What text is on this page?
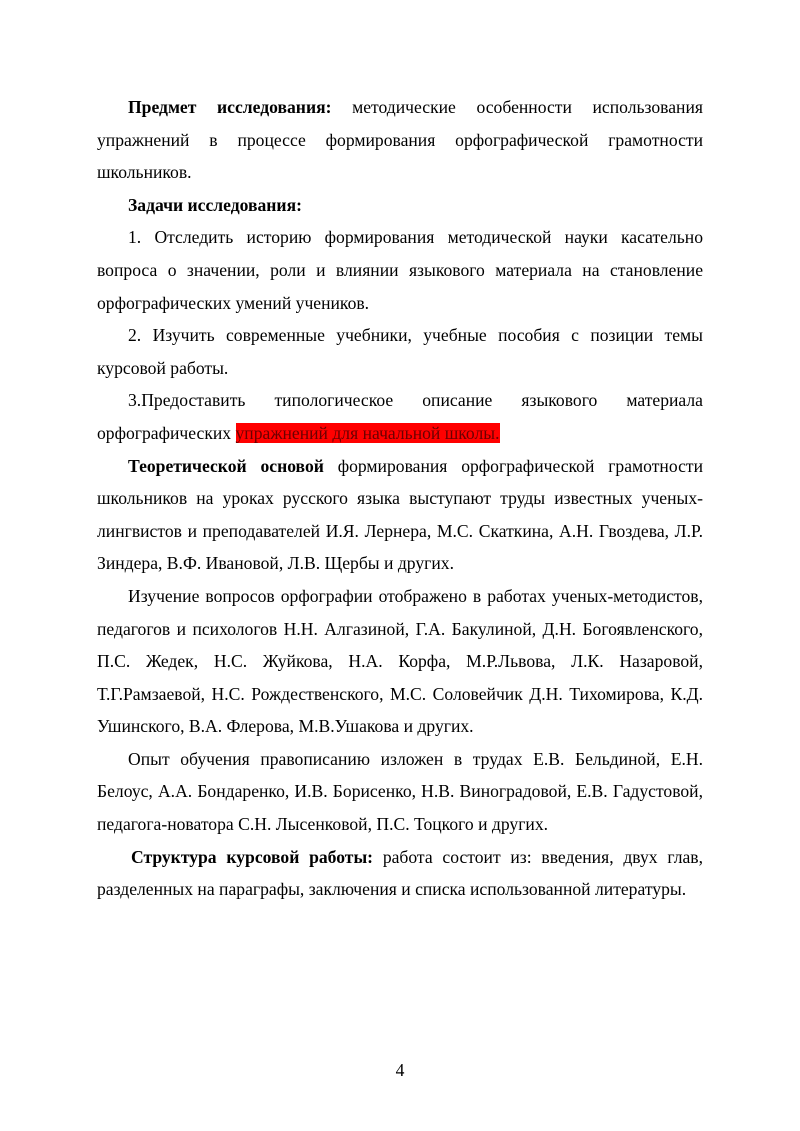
Предмет исследования: методические особенности использования упражнений в процессе формирования орфографической грамотности школьников.

Задачи исследования:

1. Отследить историю формирования методической науки касательно вопроса о значении, роли и влиянии языкового материала на становление орфографических умений учеников.

2. Изучить современные учебники, учебные пособия с позиции темы курсовой работы.

3.Предоставить типологическое описание языкового материала
орфографических упражнений для начальной школы.

Теоретической основой формирования орфографической грамотности школьников на уроках русского языка выступают труды известных ученых-лингвистов и преподавателей И.Я. Лернера, М.С. Скаткина, А.Н. Гвоздева, Л.Р. Зиндера, В.Ф. Ивановой, Л.В. Щербы и других.

Изучение вопросов орфографии отображено в работах ученых-методистов, педагогов и психологов Н.Н. Алгазиной, Г.А. Бакулиной, Д.Н. Богоявленского, П.С. Жедек, Н.С. Жуйкова, Н.А. Корфа, М.Р.Львова, Л.К. Назаровой, Т.Г.Рамзаевой, Н.С. Рождественского, М.С. Соловейчик Д.Н. Тихомирова, К.Д. Ушинского, В.А. Флерова, М.В.Ушакова и других.

Опыт обучения правописанию изложен в трудах Е.В. Бельдиной, Е.Н. Белоус, А.А. Бондаренко, И.В. Борисенко, Н.В. Виноградовой, Е.В. Гадустовой, педагога-новатора С.Н. Лысенковой, П.С. Тоцкого и других.

Структура курсовой работы: работа состоит из: введения, двух глав, разделенных на параграфы, заключения и списка использованной литературы.

4
